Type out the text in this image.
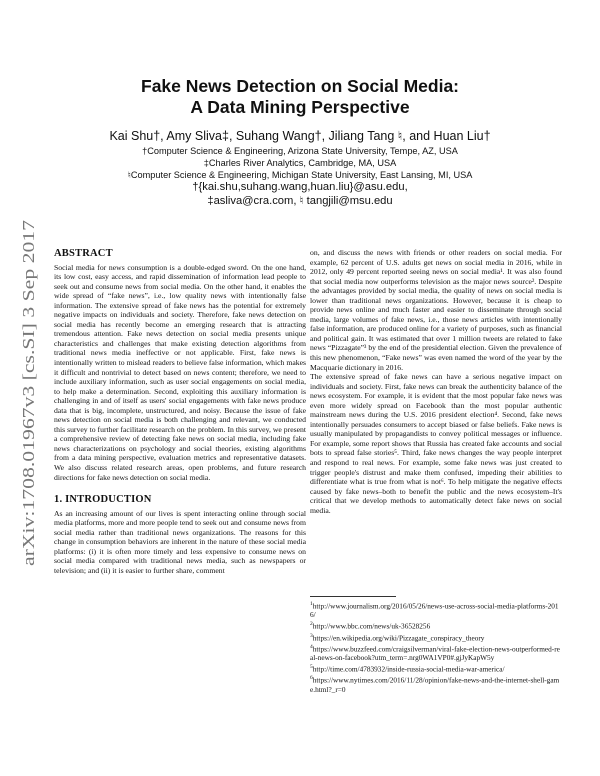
arXiv:1708.01967v3 [cs.SI] 3 Sep 2017
Fake News Detection on Social Media:
A Data Mining Perspective
Kai Shu†, Amy Sliva‡, Suhang Wang†, Jiliang Tang ♮, and Huan Liu†
†Computer Science & Engineering, Arizona State University, Tempe, AZ, USA
‡Charles River Analytics, Cambridge, MA, USA
♮Computer Science & Engineering, Michigan State University, East Lansing, MI, USA
†{kai.shu,suhang.wang,huan.liu}@asu.edu,
‡asliva@cra.com, ♮ tangjili@msu.edu
ABSTRACT
Social media for news consumption is a double-edged sword. On the one hand, its low cost, easy access, and rapid dissemination of information lead people to seek out and consume news from social media. On the other hand, it enables the wide spread of “fake news”, i.e., low quality news with intentionally false information. The extensive spread of fake news has the potential for extremely negative impacts on individuals and society. Therefore, fake news detection on social media has recently become an emerging research that is attracting tremendous attention. Fake news detection on social media presents unique characteristics and challenges that make existing detection algorithms from traditional news media ineffective or not applicable. First, fake news is intentionally written to mislead readers to believe false information, which makes it difficult and nontrivial to detect based on news content; therefore, we need to include auxiliary information, such as user social engagements on social media, to help make a determination. Second, exploiting this auxiliary information is challenging in and of itself as users' social engagements with fake news produce data that is big, incomplete, unstructured, and noisy. Because the issue of fake news detection on social media is both challenging and relevant, we conducted this survey to further facilitate research on the problem. In this survey, we present a comprehensive review of detecting fake news on social media, including fake news characterizations on psychology and social theories, existing algorithms from a data mining perspective, evaluation metrics and representative datasets. We also discuss related research areas, open problems, and future research directions for fake news detection on social media.
1. INTRODUCTION
As an increasing amount of our lives is spent interacting online through social media platforms, more and more people tend to seek out and consume news from social media rather than traditional news organizations. The reasons for this change in consumption behaviors are inherent in the nature of these social media platforms: (i) it is often more timely and less expensive to consume news on social media compared with traditional news media, such as newspapers or television; and (ii) it is easier to further share, comment
on, and discuss the news with friends or other readers on social media. For example, 62 percent of U.S. adults get news on social media in 2016, while in 2012, only 49 percent reported seeing news on social media¹. It was also found that social media now outperforms television as the major news source². Despite the advantages provided by social media, the quality of news on social media is lower than traditional news organizations. However, because it is cheap to provide news online and much faster and easier to disseminate through social media, large volumes of fake news, i.e., those news articles with intentionally false information, are produced online for a variety of purposes, such as financial and political gain. It was estimated that over 1 million tweets are related to fake news “Pizzagate”³ by the end of the presidential election. Given the prevalence of this new phenomenon, “Fake news” was even named the word of the year by the Macquarie dictionary in 2016.
The extensive spread of fake news can have a serious negative impact on individuals and society. First, fake news can break the authenticity balance of the news ecosystem. For example, it is evident that the most popular fake news was even more widely spread on Facebook than the most popular authentic mainstream news during the U.S. 2016 president election⁴. Second, fake news intentionally persuades consumers to accept biased or false beliefs. Fake news is usually manipulated by propagandists to convey political messages or influence. For example, some report shows that Russia has created fake accounts and social bots to spread false stories⁵. Third, fake news changes the way people interpret and respond to real news. For example, some fake news was just created to trigger people's distrust and make them confused, impeding their abilities to differentiate what is true from what is not⁶. To help mitigate the negative effects caused by fake news–both to benefit the public and the news ecosystem–It's critical that we develop methods to automatically detect fake news on social media.
$^1$http://www.journalism.org/2016/05/26/news-use-across-social-media-platforms-2016/
$^2$http://www.bbc.com/news/uk-36528256
$^3$https://en.wikipedia.org/wiki/Pizzagate_conspiracy_theory
$^4$https://www.buzzfeed.com/craigsilverman/viral-fake-election-news-outperformed-real-news-on-facebook?utm_term=.nrg0WA1VP0#.gjJyKapW5y
$^5$http://time.com/4783932/inside-russia-social-media-war-america/
$^6$https://www.nytimes.com/2016/11/28/opinion/fake-news-and-the-internet-shell-game.html?_r=0
